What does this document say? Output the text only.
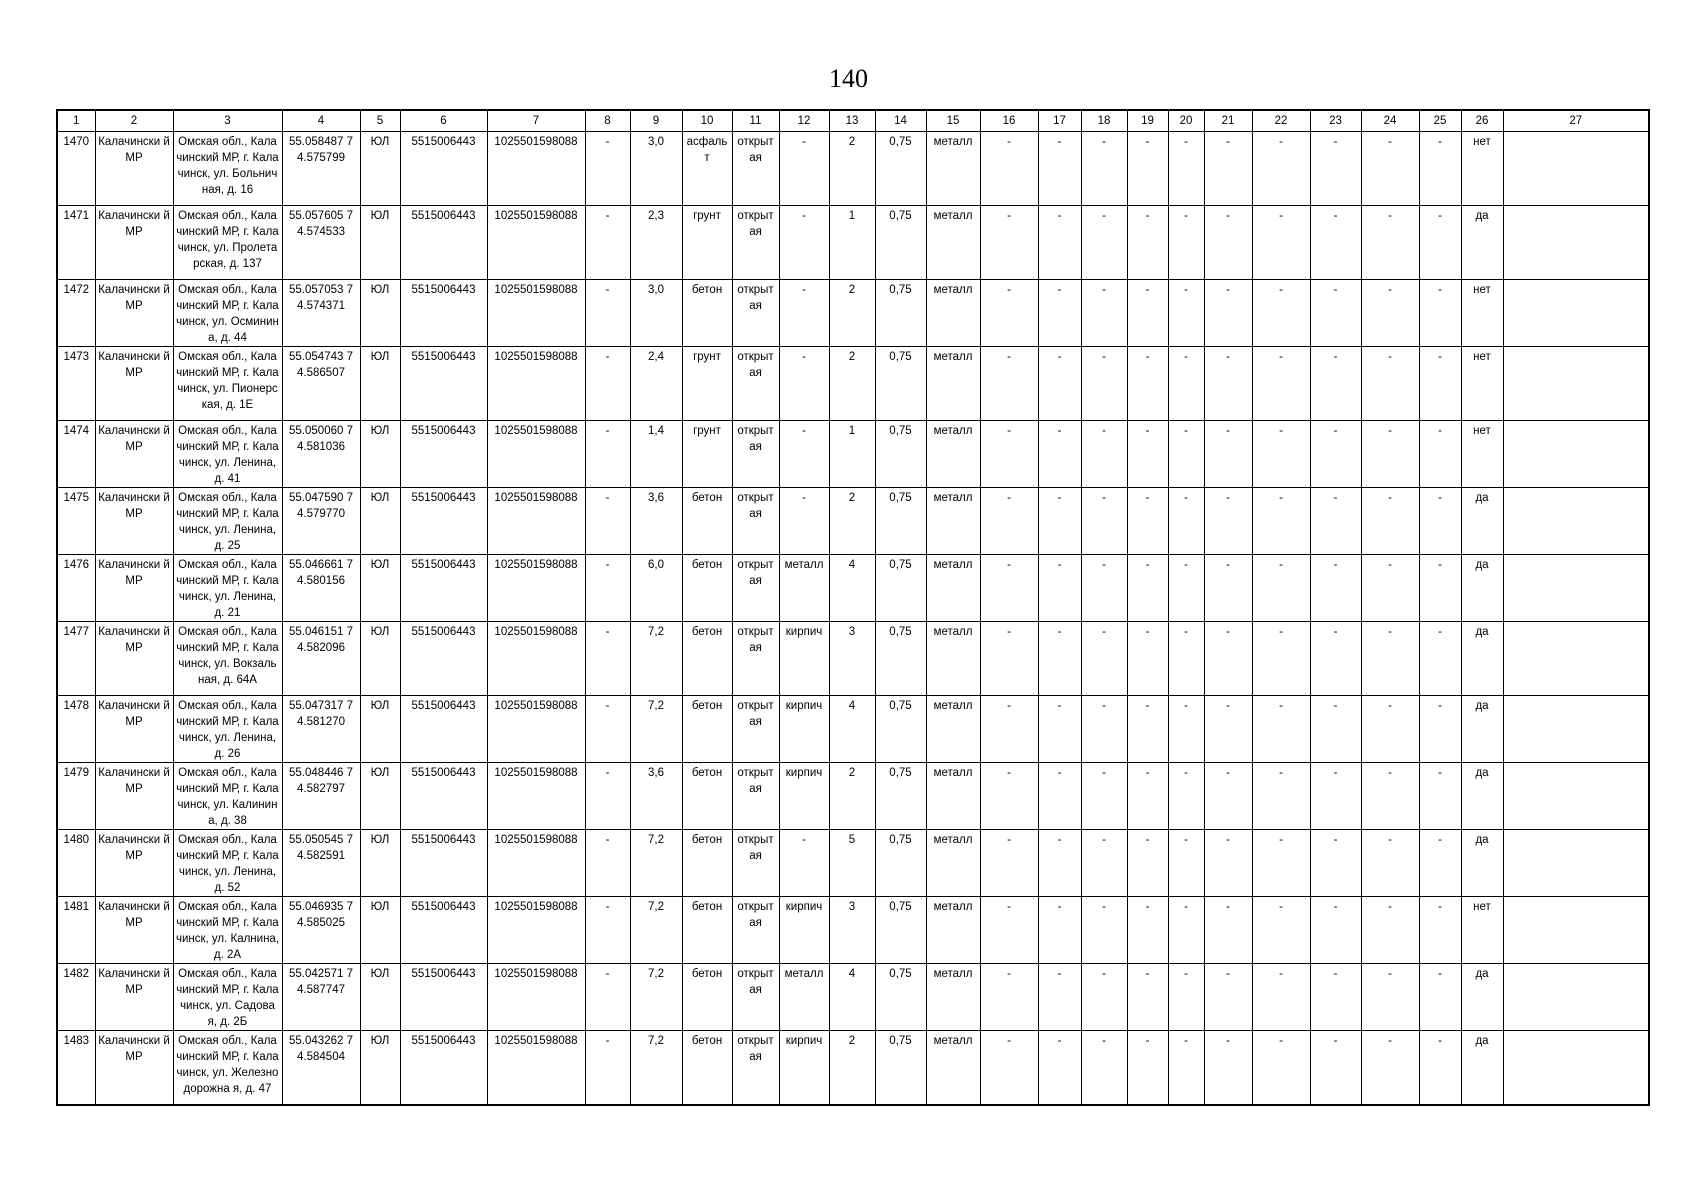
140
1	2	3	4	5	6	7	8	9	10	11	12	13	14	15	16	17	18	19	20	21	22	23	24	25	26	27
1470	Калачински й МР	Омская обл., Калачинский МР, г. Калачинск, ул. Больничная, д. 16	55.058487 74.575799	ЮЛ	5515006443	1025501598088	-	3,0	асфаль т	открыт ая	-	2	0,75	металл	-	-	-	-	-	-	-	-	-	-	нет	
1471	Калачински й МР	Омская обл., Калачинский МР, г. Калачинск, ул. Пролетарская, д. 137	55.057605 74.574533	ЮЛ	5515006443	1025501598088	-	2,3	грунт	открыт ая	-	1	0,75	металл	-	-	-	-	-	-	-	-	-	-	да	
1472	Калачински й МР	Омская обл., Калачинский МР, г. Калачинск, ул. Осминина, д. 44	55.057053 74.574371	ЮЛ	5515006443	1025501598088	-	3,0	бетон	открыт ая	-	2	0,75	металл	-	-	-	-	-	-	-	-	-	-	нет	
1473	Калачински й МР	Омская обл., Калачинский МР, г. Калачинск, ул. Пионерская, д. 1Е	55.054743 74.586507	ЮЛ	5515006443	1025501598088	-	2,4	грунт	открыт ая	-	2	0,75	металл	-	-	-	-	-	-	-	-	-	-	нет	
1474	Калачински й МР	Омская обл., Калачинский МР, г. Калачинск, ул. Ленина, д. 41	55.050060 74.581036	ЮЛ	5515006443	1025501598088	-	1,4	грунт	открыт ая	-	1	0,75	металл	-	-	-	-	-	-	-	-	-	-	нет	
1475	Калачински й МР	Омская обл., Калачинский МР, г. Калачинск, ул. Ленина, д. 25	55.047590 74.579770	ЮЛ	5515006443	1025501598088	-	3,6	бетон	открыт ая	-	2	0,75	металл	-	-	-	-	-	-	-	-	-	-	да	
1476	Калачински й МР	Омская обл., Калачинский МР, г. Калачинск, ул. Ленина, д. 21	55.046661 74.580156	ЮЛ	5515006443	1025501598088	-	6,0	бетон	открыт ая	металл	4	0,75	металл	-	-	-	-	-	-	-	-	-	-	да	
1477	Калачински й МР	Омская обл., Калачинский МР, г. Калачинск, ул. Вокзальная, д. 64А	55.046151 74.582096	ЮЛ	5515006443	1025501598088	-	7,2	бетон	открыт ая	кирпич	3	0,75	металл	-	-	-	-	-	-	-	-	-	-	да	
1478	Калачински й МР	Омская обл., Калачинский МР, г. Калачинск, ул. Ленина, д. 26	55.047317 74.581270	ЮЛ	5515006443	1025501598088	-	7,2	бетон	открыт ая	кирпич	4	0,75	металл	-	-	-	-	-	-	-	-	-	-	да	
1479	Калачински й МР	Омская обл., Калачинский МР, г. Калачинск, ул. Калинина, д. 38	55.048446 74.582797	ЮЛ	5515006443	1025501598088	-	3,6	бетон	открыт ая	кирпич	2	0,75	металл	-	-	-	-	-	-	-	-	-	-	да	
1480	Калачински й МР	Омская обл., Калачинский МР, г. Калачинск, ул. Ленина, д. 52	55.050545 74.582591	ЮЛ	5515006443	1025501598088	-	7,2	бетон	открыт ая	-	5	0,75	металл	-	-	-	-	-	-	-	-	-	-	да	
1481	Калачински й МР	Омская обл., Калачинский МР, г. Калачинск, ул. Калнина, д. 2А	55.046935 74.585025	ЮЛ	5515006443	1025501598088	-	7,2	бетон	открыт ая	кирпич	3	0,75	металл	-	-	-	-	-	-	-	-	-	-	нет	
1482	Калачински й МР	Омская обл., Калачинский МР, г. Калачинск, ул. Садовая, д. 2Б	55.042571 74.587747	ЮЛ	5515006443	1025501598088	-	7,2	бетон	открыт ая	металл	4	0,75	металл	-	-	-	-	-	-	-	-	-	-	да	
1483	Калачински й МР	Омская обл., Калачинский МР, г. Калачинск, ул. Железнодорожна я, д. 47	55.043262 74.584504	ЮЛ	5515006443	1025501598088	-	7,2	бетон	открыт ая	кирпич	2	0,75	металл	-	-	-	-	-	-	-	-	-	-	да	
